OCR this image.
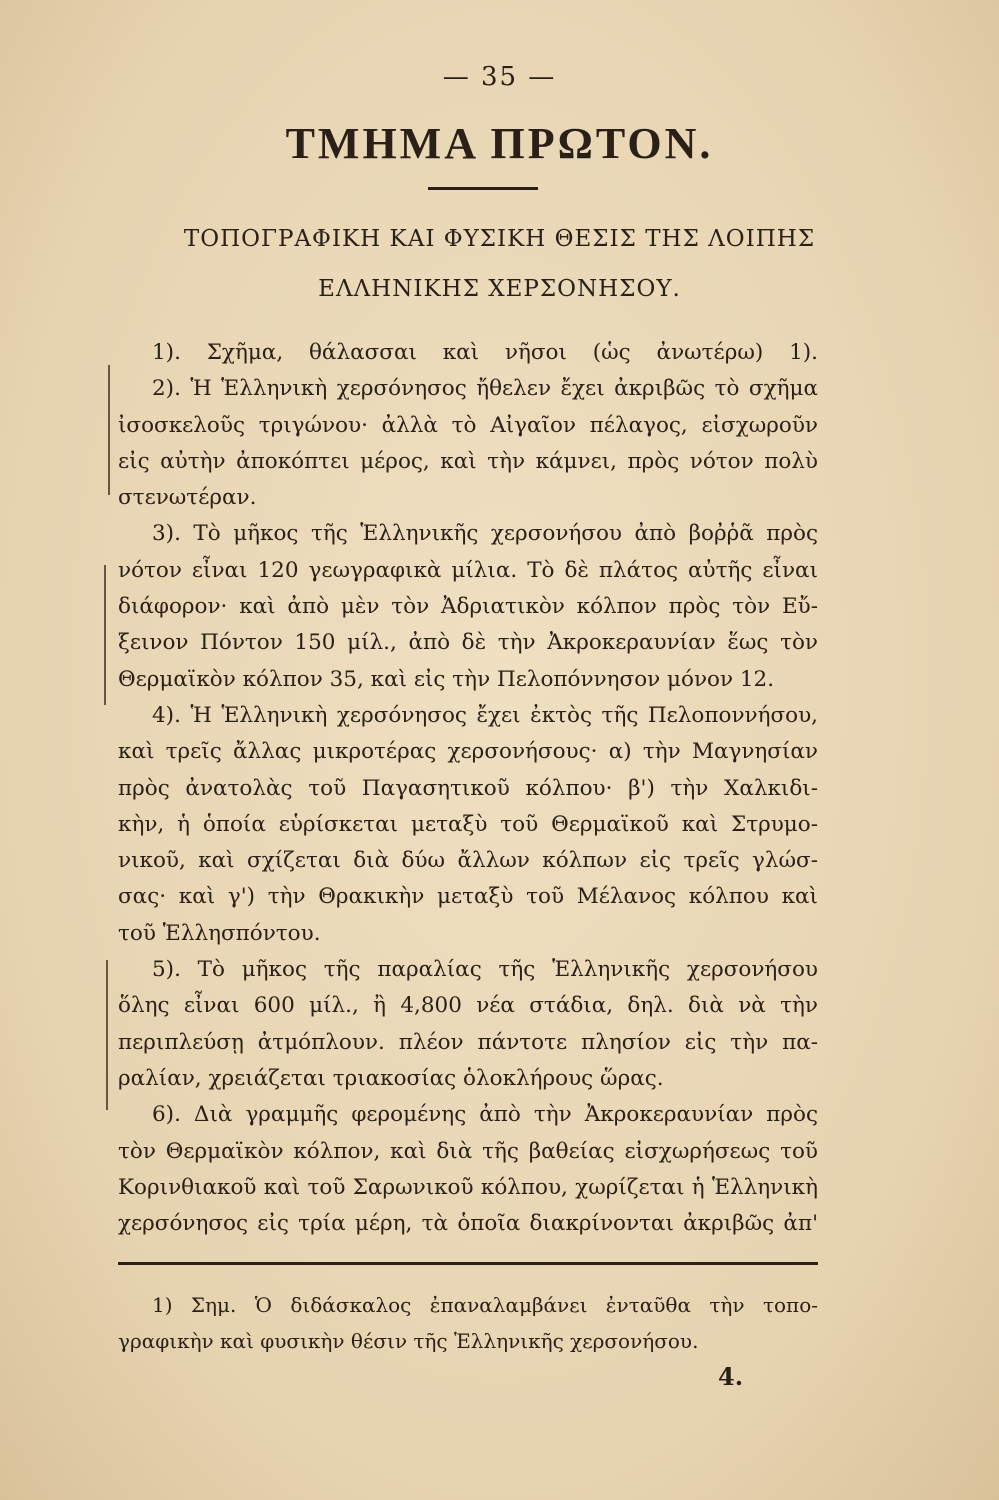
— 35 —
ΤΜΗΜΑ ΠΡΩΤΟΝ.
ΤΟΠΟΓΡΑΦΙΚΗ ΚΑΙ ΦΥΣΙΚΗ ΘΕΣΙΣ ΤΗΣ ΛΟΙΠΗΣ
ΕΛΛΗΝΙΚΗΣ ΧΕΡΣΟΝΗΣΟΥ.
1). Σχῆμα, θάλασσαι καὶ νῆσοι (ὡς ἀνωτέρω) 1).
2). Ἡ Ἑλληνικὴ χερσόνησος ἤθελεν ἔχει ἀκριβῶς τὸ σχῆμα
ἰσοσκελοῦς τριγώνου· ἀλλὰ τὸ Αἰγαῖον πέλαγος, εἰσχωροῦν
εἰς αὐτὴν ἀποκόπτει μέρος, καὶ τὴν κάμνει, πρὸς νότον πολὺ
στενωτέραν.
3). Τὸ μῆκος τῆς Ἑλληνικῆς χερσονήσου ἀπὸ βοῤῥᾶ πρὸς
νότον εἶναι 120 γεωγραφικὰ μίλια. Τὸ δὲ πλάτος αὐτῆς εἶναι
διάφορον· καὶ ἀπὸ μὲν τὸν Ἀδριατικὸν κόλπον πρὸς τὸν Εὔ-
ξεινον Πόντον 150 μίλ., ἀπὸ δὲ τὴν Ἀκροκεραυνίαν ἕως τὸν
Θερμαϊκὸν κόλπον 35, καὶ εἰς τὴν Πελοπόννησον μόνον 12.
4). Ἡ Ἑλληνικὴ χερσόνησος ἔχει ἐκτὸς τῆς Πελοποννήσου,
καὶ τρεῖς ἄλλας μικροτέρας χερσονήσους· α) τὴν Μαγνησίαν
πρὸς ἀνατολὰς τοῦ Παγασητικοῦ κόλπου· β') τὴν Χαλκιδι-
κὴν, ἡ ὁποία εὑρίσκεται μεταξὺ τοῦ Θερμαϊκοῦ καὶ Στρυμο-
νικοῦ, καὶ σχίζεται διὰ δύω ἄλλων κόλπων εἰς τρεῖς γλώσ-
σας· καὶ γ') τὴν Θρακικὴν μεταξὺ τοῦ Μέλανος κόλπου καὶ
τοῦ Ἑλλησπόντου.
5). Τὸ μῆκος τῆς παραλίας τῆς Ἑλληνικῆς χερσονήσου
ὅλης εἶναι 600 μίλ., ἢ 4,800 νέα στάδια, δηλ. διὰ νὰ τὴν
περιπλεύσῃ ἀτμόπλουν. πλέον πάντοτε πλησίον εἰς τὴν πα-
ραλίαν, χρειάζεται τριακοσίας ὁλοκλήρους ὥρας.
6). Διὰ γραμμῆς φερομένης ἀπὸ τὴν Ἀκροκεραυνίαν πρὸς
τὸν Θερμαϊκὸν κόλπον, καὶ διὰ τῆς βαθείας εἰσχωρήσεως τοῦ
Κορινθιακοῦ καὶ τοῦ Σαρωνικοῦ κόλπου, χωρίζεται ἡ Ἑλληνικὴ
χερσόνησος εἰς τρία μέρη, τὰ ὁποῖα διακρίνονται ἀκριβῶς ἀπ'
1) Σημ. Ὁ διδάσκαλος ἐπαναλαμβάνει ἐνταῦθα τὴν τοπο-
γραφικὴν καὶ φυσικὴν θέσιν τῆς Ἑλληνικῆς χερσονήσου.
4.
